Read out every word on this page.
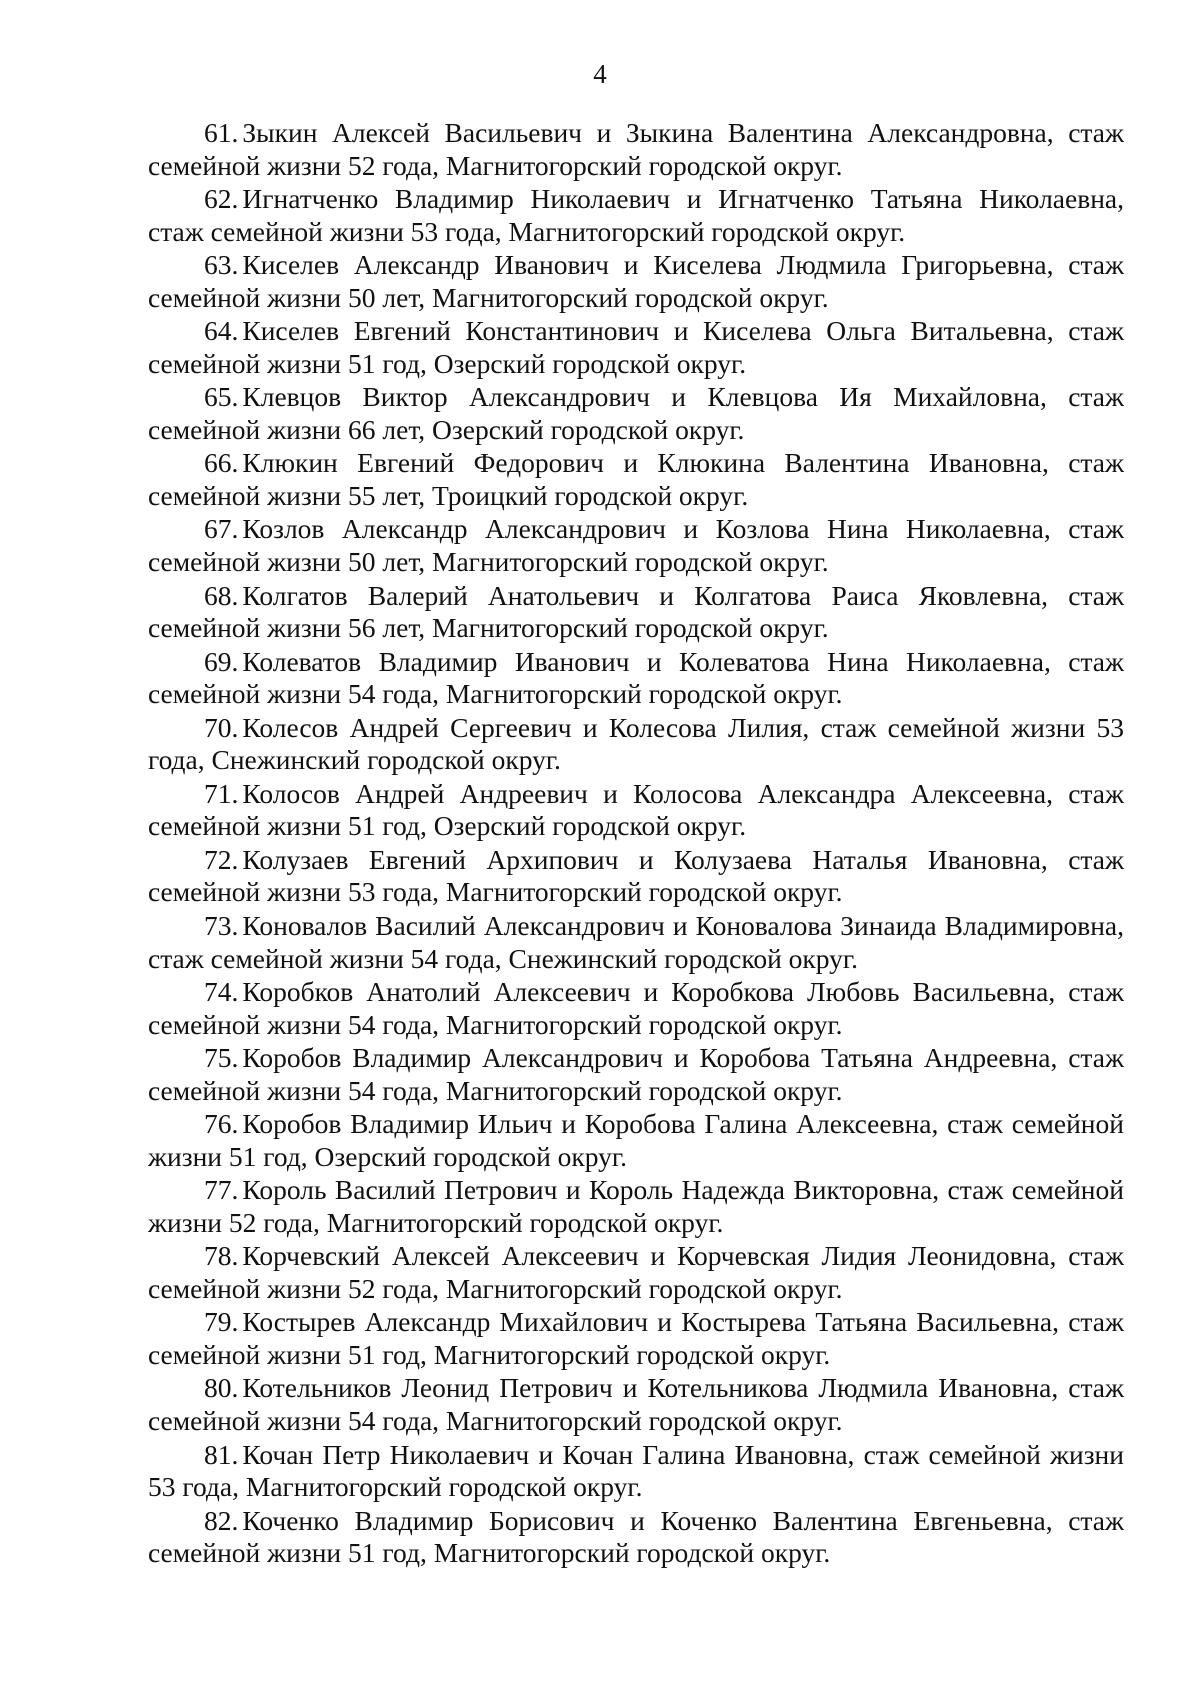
4
61. Зыкин Алексей Васильевич и Зыкина Валентина Александровна, стаж семейной жизни 52 года, Магнитогорский городской округ.
62. Игнатченко Владимир Николаевич и Игнатченко Татьяна Николаевна, стаж семейной жизни 53 года, Магнитогорский городской округ.
63. Киселев Александр Иванович и Киселева Людмила Григорьевна, стаж семейной жизни 50 лет, Магнитогорский городской округ.
64. Киселев Евгений Константинович и Киселева Ольга Витальевна, стаж семейной жизни 51 год, Озерский городской округ.
65. Клевцов Виктор Александрович и Клевцова Ия Михайловна, стаж семейной жизни 66 лет, Озерский городской округ.
66. Клюкин Евгений Федорович и Клюкина Валентина Ивановна, стаж семейной жизни 55 лет, Троицкий городской округ.
67. Козлов Александр Александрович и Козлова Нина Николаевна, стаж семейной жизни 50 лет, Магнитогорский городской округ.
68. Колгатов Валерий Анатольевич и Колгатова Раиса Яковлевна, стаж семейной жизни 56 лет, Магнитогорский городской округ.
69. Колеватов Владимир Иванович и Колеватова Нина Николаевна, стаж семейной жизни 54 года, Магнитогорский городской округ.
70. Колесов Андрей Сергеевич и Колесова Лилия, стаж семейной жизни 53 года, Снежинский городской округ.
71. Колосов Андрей Андреевич и Колосова Александра Алексеевна, стаж семейной жизни 51 год, Озерский городской округ.
72. Колузаев Евгений Архипович и Колузаева Наталья Ивановна, стаж семейной жизни 53 года, Магнитогорский городской округ.
73. Коновалов Василий Александрович и Коновалова Зинаида Владимировна, стаж семейной жизни 54 года, Снежинский городской округ.
74. Коробков Анатолий Алексеевич и Коробкова Любовь Васильевна, стаж семейной жизни 54 года, Магнитогорский городской округ.
75. Коробов Владимир Александрович и Коробова Татьяна Андреевна, стаж семейной жизни 54 года, Магнитогорский городской округ.
76. Коробов Владимир Ильич и Коробова Галина Алексеевна, стаж семейной жизни 51 год, Озерский городской округ.
77. Король Василий Петрович и Король Надежда Викторовна, стаж семейной жизни 52 года, Магнитогорский городской округ.
78. Корчевский Алексей Алексеевич и Корчевская Лидия Леонидовна, стаж семейной жизни 52 года, Магнитогорский городской округ.
79. Костырев Александр Михайлович и Костырева Татьяна Васильевна, стаж семейной жизни 51 год, Магнитогорский городской округ.
80. Котельников Леонид Петрович и Котельникова Людмила Ивановна, стаж семейной жизни 54 года, Магнитогорский городской округ.
81. Кочан Петр Николаевич и Кочан Галина Ивановна, стаж семейной жизни 53 года, Магнитогорский городской округ.
82. Коченко Владимир Борисович и Коченко Валентина Евгеньевна, стаж семейной жизни 51 год, Магнитогорский городской округ.
